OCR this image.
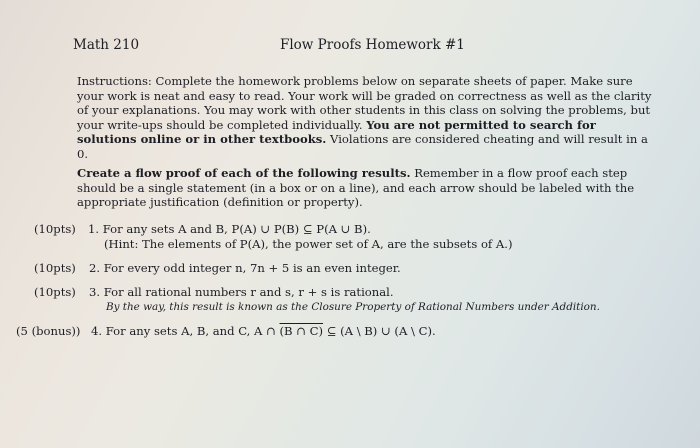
Math 210	Flow Proofs Homework #1
Instructions: Complete the homework problems below on separate sheets of paper. Make sure your work is neat and easy to read. Your work will be graded on correctness as well as the clarity of your explanations. You may work with other students in this class on solving the problems, but your write-ups should be completed individually. You are not permitted to search for solutions online or in other textbooks. Violations are considered cheating and will result in a 0.
Create a flow proof of each of the following results. Remember in a flow proof each step should be a single statement (in a box or on a line), and each arrow should be labeled with the appropriate justification (definition or property).
(10pts) 1. For any sets A and B, P(A) ∪ P(B) ⊆ P(A ∪ B).
(Hint: The elements of P(A), the power set of A, are the subsets of A.)
(10pts) 2. For every odd integer n, 7n + 5 is an even integer.
(10pts) 3. For all rational numbers r and s, r + s is rational.
By the way, this result is known as the Closure Property of Rational Numbers under Addition.
(5 (bonus)) 4. For any sets A, B, and C, A ∩ (B ∩ C) ⊆ (A \ B) ∪ (A \ C).
